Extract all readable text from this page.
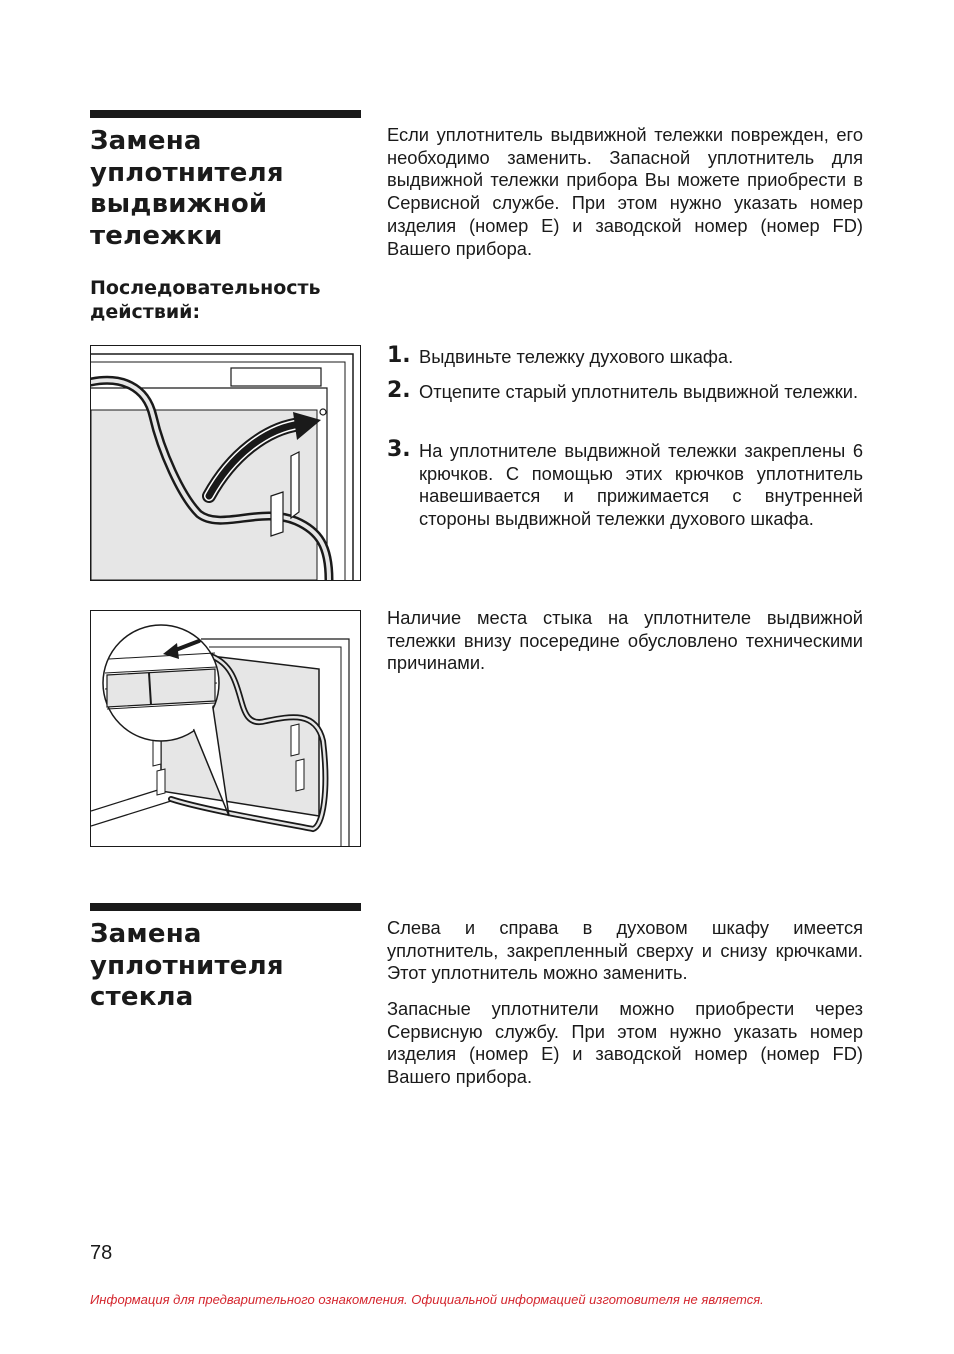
Замена уплотнителя выдвижной тележки

Если уплотнитель выдвижной тележки поврежден, его необходимо заменить. Запасной уплотнитель для выдвижной тележки прибора Вы можете приобрести в Сервисной службе. При этом нужно указать номер изделия (номер E) и заводской номер (номер FD) Вашего прибора.

Последовательность действий:
1. Выдвиньте тележку духового шкафа.

2. Отцепите старый уплотнитель выдвижной тележки.

3. На уплотнителе выдвижной тележки закреплены 6 крючков. С помощью этих крючков уплотнитель навешивается и прижимается с внутренней стороны выдвижной тележки духового шкафа.

Наличие места стыка на уплотнителе выдвижной тележки внизу посередине обусловлено техническими причинами.

Замена уплотнителя стекла

Слева и справа в духовом шкафу имеется уплотнитель, закрепленный сверху и снизу крючками. Этот уплотнитель можно заменить.

Запасные уплотнители можно приобрести через Сервисную службу. При этом нужно указать номер изделия (номер E) и заводской номер (номер FD) Вашего прибора.

78
Информация для предварительного ознакомления. Официальной информацией изготовителя не является.
